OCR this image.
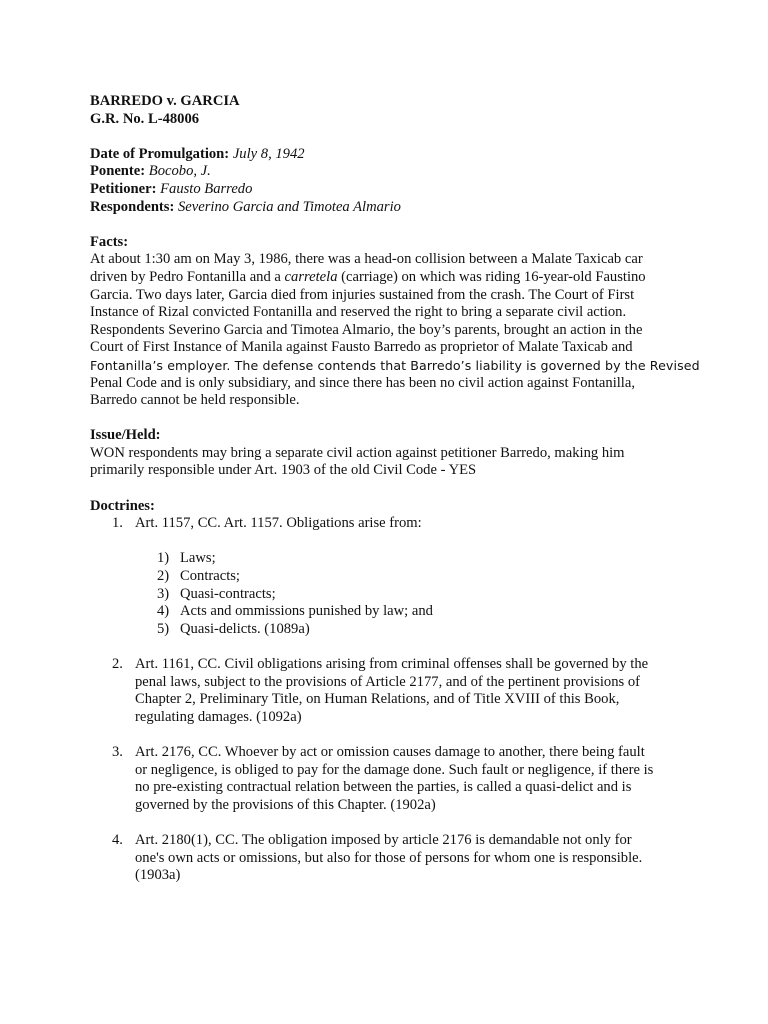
BARREDO v. GARCIA
G.R. No. L-48006
Date of Promulgation: July 8, 1942
Ponente: Bocobo, J.
Petitioner: Fausto Barredo
Respondents: Severino Garcia and Timotea Almario
Facts:
At about 1:30 am on May 3, 1986, there was a head-on collision between a Malate Taxicab car
driven by Pedro Fontanilla and a carretela (carriage) on which was riding 16-year-old Faustino
Garcia. Two days later, Garcia died from injuries sustained from the crash. The Court of First
Instance of Rizal convicted Fontanilla and reserved the right to bring a separate civil action.
Respondents Severino Garcia and Timotea Almario, the boy’s parents, brought an action in the
Court of First Instance of Manila against Fausto Barredo as proprietor of Malate Taxicab and
Fontanilla’s employer. The defense contends that Barredo’s liability is governed by the Revised
Penal Code and is only subsidiary, and since there has been no civil action against Fontanilla,
Barredo cannot be held responsible.
Issue/Held:
WON respondents may bring a separate civil action against petitioner Barredo, making him
primarily responsible under Art. 1903 of the old Civil Code - YES
Doctrines:
1. Art. 1157, CC. Art. 1157. Obligations arise from:
1) Laws;
2) Contracts;
3) Quasi-contracts;
4) Acts and ommissions punished by law; and
5) Quasi-delicts. (1089a)
2. Art. 1161, CC. Civil obligations arising from criminal offenses shall be governed by the
penal laws, subject to the provisions of Article 2177, and of the pertinent provisions of
Chapter 2, Preliminary Title, on Human Relations, and of Title XVIII of this Book,
regulating damages. (1092a)
3. Art. 2176, CC. Whoever by act or omission causes damage to another, there being fault
or negligence, is obliged to pay for the damage done. Such fault or negligence, if there is
no pre-existing contractual relation between the parties, is called a quasi-delict and is
governed by the provisions of this Chapter. (1902a)
4. Art. 2180(1), CC. The obligation imposed by article 2176 is demandable not only for
one's own acts or omissions, but also for those of persons for whom one is responsible.
(1903a)
